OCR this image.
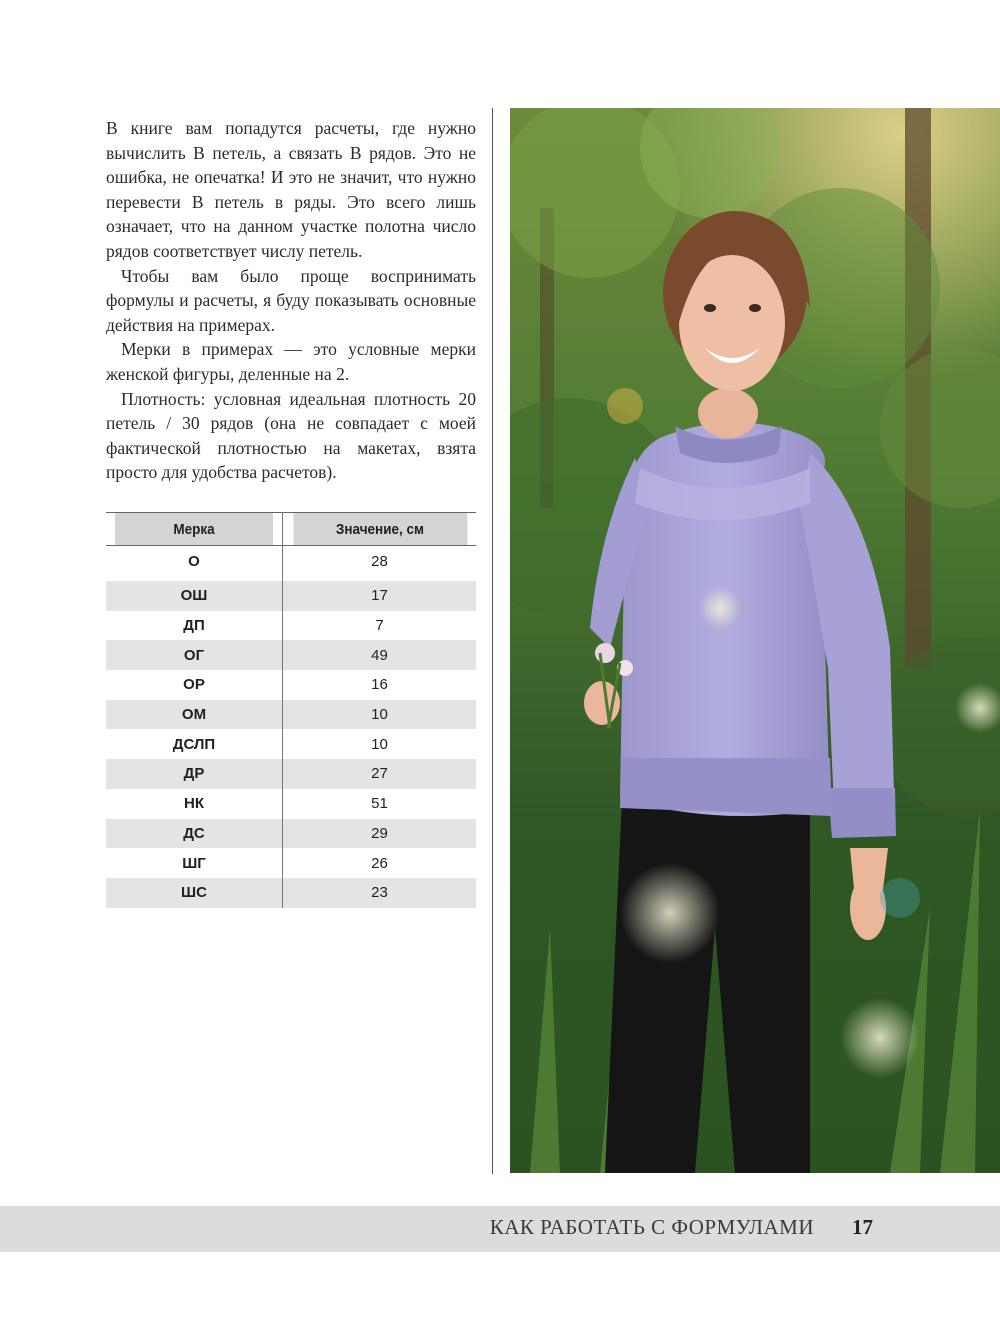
В книге вам попадутся расчеты, где нужно вычислить В петель, а связать В рядов. Это не ошибка, не опечатка! И это не значит, что нужно перевести В петель в ряды. Это всего лишь означает, что на данном участке полотна число рядов соответствует числу петель.

Чтобы вам было проще воспринимать формулы и расчеты, я буду показывать основные действия на примерах.

Мерки в примерах — это условные мерки женской фигуры, деленные на 2.

Плотность: условная идеальная плотность 20 петель / 30 рядов (она не совпадает с моей фактической плотностью на макетах, взята просто для удобства расчетов).

Мерка	Значение, см
О	28

ОШ	17
ДП	7
ОГ	49
ОР	16
ОМ	10
ДСЛП	10
ДР	27
НК	51
ДС	29
ШГ	26
ШС	23
КАК РАБОТАТЬ С ФОРМУЛАМИ 17
